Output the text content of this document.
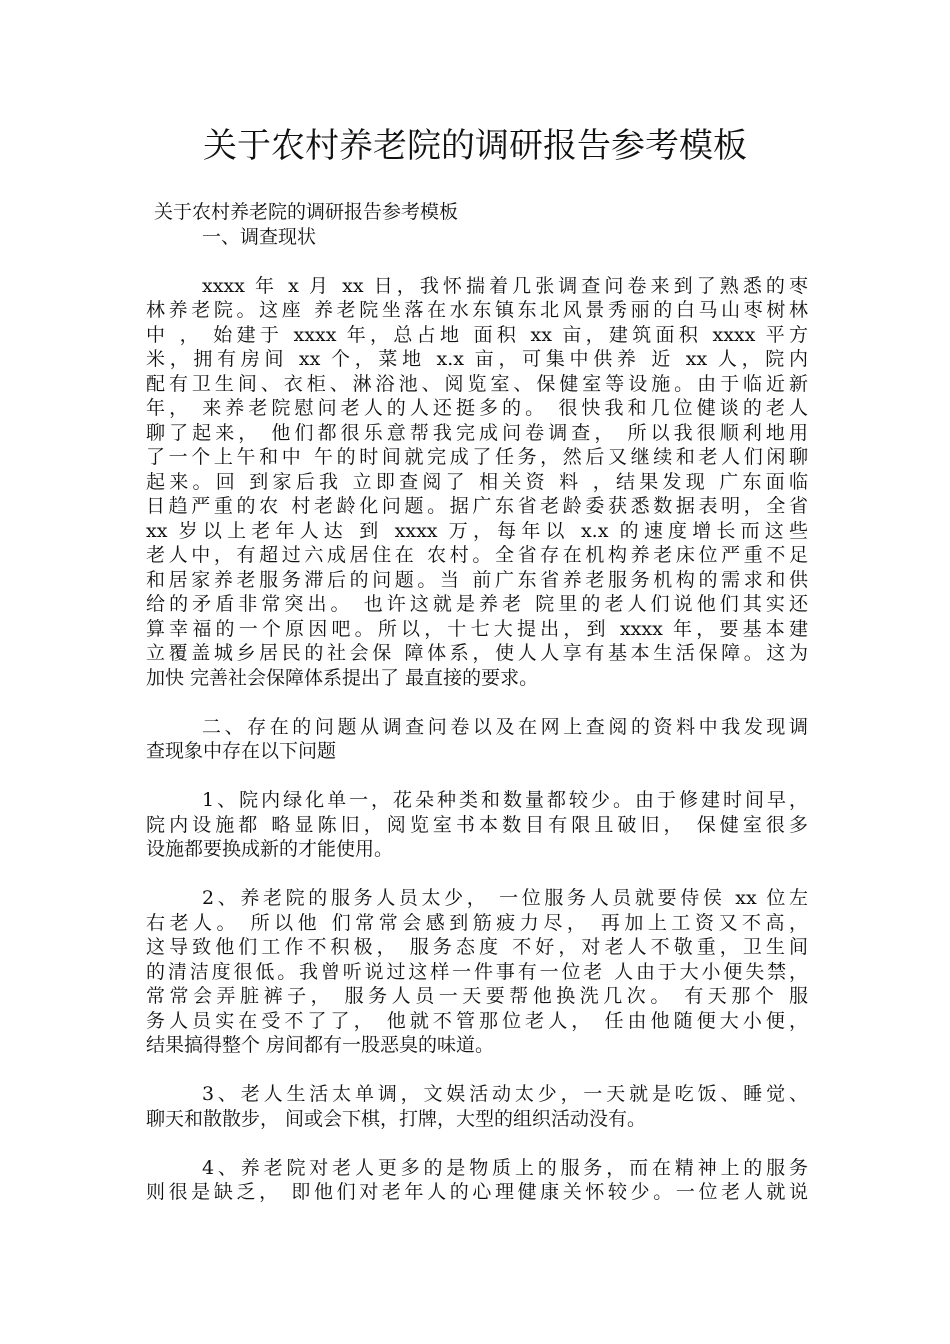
关于农村养老院的调研报告参考模板
关于农村养老院的调研报告参考模板
一、调查现状
xxxx 年 x 月 xx 日，我怀揣着几张调查问卷来到了熟悉的枣
林养老院。这座 养老院坐落在水东镇东北风景秀丽的白马山枣树林
中 ， 始建于 xxxx 年，总占地 面积 xx 亩，建筑面积 xxxx 平方
米，拥有房间 xx 个，菜地 x.x 亩，可集中供养 近 xx 人，院内
配有卫生间、衣柜、淋浴池、阅览室、保健室等设施。由于临近新
年， 来养老院慰问老人的人还挺多的。 很快我和几位健谈的老人
聊了起来， 他们都很乐意帮我完成问卷调查， 所以我很顺利地用
了一个上午和中 午的时间就完成了任务，然后又继续和老人们闲聊
起来。回 到家后我 立即查阅了 相关资 料 ，结果发现 广东面临
日趋严重的农 村老龄化问题。据广东省老龄委获悉数据表明，全省
xx 岁以上老年人达 到 xxxx 万，每年以 x.x 的速度增长而这些
老人中，有超过六成居住在 农村。全省存在机构养老床位严重不足
和居家养老服务滞后的问题。当 前广东省养老服务机构的需求和供
给的矛盾非常突出。 也许这就是养老 院里的老人们说他们其实还
算幸福的一个原因吧。所以，十七大提出，到 xxxx 年，要基本建
立覆盖城乡居民的社会保 障体系，使人人享有基本生活保障。这为
加快 完善社会保障体系提出了 最直接的要求。
二、存在的问题从调查问卷以及在网上查阅的资料中我发现调
查现象中存在以下问题
1、院内绿化单一，花朵种类和数量都较少。由于修建时间早，
院内设施都 略显陈旧，阅览室书本数目有限且破旧， 保健室很多
设施都要换成新的才能使用。
2、养老院的服务人员太少， 一位服务人员就要侍侯 xx 位左
右老人。 所以他 们常常会感到筋疲力尽， 再加上工资又不高，
这导致他们工作不积极， 服务态度 不好，对老人不敬重，卫生间
的清洁度很低。我曾听说过这样一件事有一位老 人由于大小便失禁，
常常会弄脏裤子， 服务人员一天要帮他换洗几次。 有天那个 服
务人员实在受不了了， 他就不管那位老人， 任由他随便大小便，
结果搞得整个 房间都有一股恶臭的味道。
3、老人生活太单调，文娱活动太少，一天就是吃饭、睡觉、
聊天和散散步， 间或会下棋，打牌，大型的组织活动没有。
4、养老院对老人更多的是物质上的服务，而在精神上的服务
则很是缺乏， 即他们对老年人的心理健康关怀较少。一位老人就说
